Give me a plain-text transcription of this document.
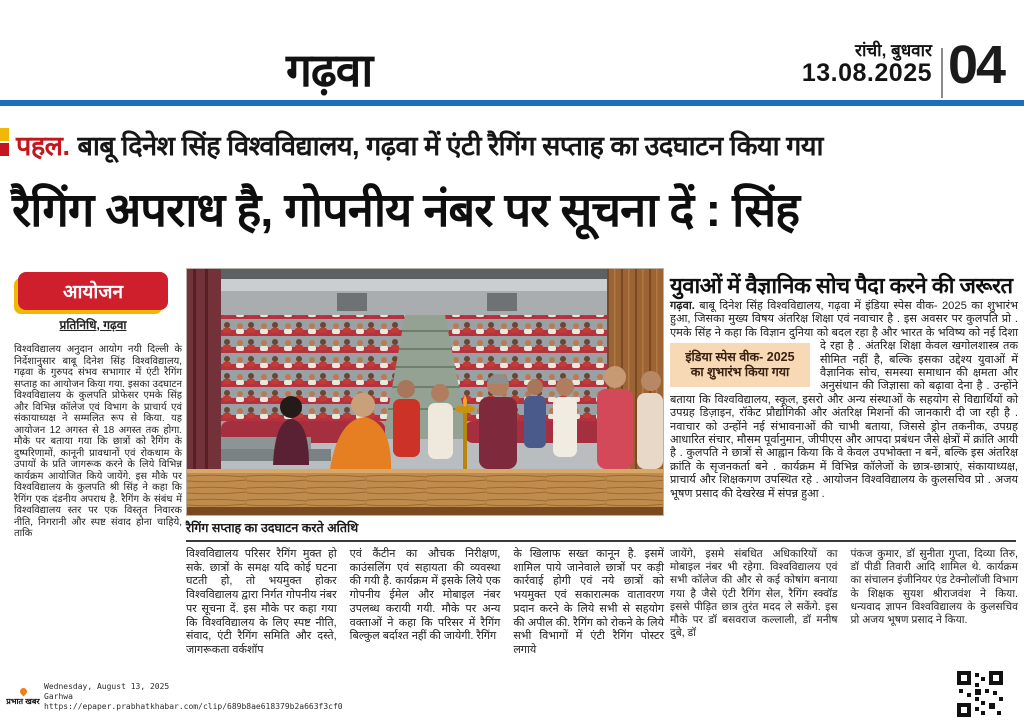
गढ़वा	रांची, बुधवार
13.08.2025 04
पहल. बाबू दिनेश सिंह विश्वविद्यालय, गढ़वा में एंटी रैगिंग सप्ताह का उदघाटन किया गया
रैगिंग अपराध है, गोपनीय नंबर पर सूचना दें : सिंह
आयोजन
प्रतिनिधि, गढ़वा
विश्वविद्यालय अनुदान आयोग नयी दिल्ली के निर्देशानुसार बाबू दिनेश सिंह विश्वविद्यालय, गढ़वा के गुरुपद संभव सभागार में एंटी रैगिंग सप्ताह का आयोजन किया गया. इसका उदघाटन विश्वविद्यालय के कुलपति प्रोफेसर एमके सिंह और विभिन्न कॉलेज एवं विभाग के प्राचार्य एवं संकायाध्यक्ष ने सम्मलित रूप से किया. यह आयोजन 12 अगस्त से 18 अगस्त तक होगा. मौके पर बताया गया कि छात्रों को रैगिंग के दुष्परिणामों, कानूनी प्रावधानों एवं रोकथाम के उपायों के प्रति जागरूक करने के लिये विभिन्न कार्यक्रम आयोजित किये जायेंगे. इस मौके पर विश्वविद्यालय के कुलपति श्री सिंह ने कहा कि रैगिंग एक दंडनीय अपराध है. रैगिंग के संबंध में विश्वविद्यालय स्तर पर एक विस्तृत निवारक नीति, निगरानी और स्पष्ट संवाद होना चाहिये, ताकि	रैगिंग सप्ताह का उदघाटन करते अतिथि
विश्वविद्यालय परिसर रैगिंग मुक्त हो सके. छात्रों के समक्ष यदि कोई घटना घटती हो, तो भयमुक्त होकर विश्वविद्यालय द्वारा निर्गत गोपनीय नंबर पर सूचना दें. इस मौके पर कहा गया कि विश्वविद्यालय के लिए स्पष्ट नीति, संवाद, एंटी रैगिंग समिति और दस्ते, जागरूकता वर्कशॉप
एवं कैंटीन का औचक निरीक्षण, काउंसलिंग एवं सहायता की व्यवस्था की गयी है. कार्यक्रम में इसके लिये एक गोपनीय ईमेल और मोबाइल नंबर उपलब्ध करायी गयी. मौके पर अन्य वक्ताओं ने कहा कि परिसर में रैगिंग बिल्कुल बर्दाश्त नहीं की जायेगी. रैगिंग
के खिलाफ सख्त कानून है. इसमें शामिल पाये जानेवाले छात्रों पर कड़ी कार्रवाई होगी एवं नये छात्रों को भयमुक्त एवं सकारात्मक वातावरण प्रदान करने के लिये सभी से सहयोग की अपील की. रैगिंग को रोकने के लिये सभी विभागों में एंटी रैगिंग पोस्टर लगाये
युवाओं में वैज्ञानिक सोच पैदा करने की जरूरत
गढ़वा. बाबू दिनेश सिंह विश्वविद्यालय, गढ़वा में इंडिया स्पेस वीक- 2025 का शुभारंभ हुआ, जिसका मुख्य विषय अंतरिक्ष शिक्षा एवं नवाचार है . इस अवसर पर कुलपति प्रो . एमके सिंह ने कहा कि विज्ञान दुनिया को बदल रहा है और भारत के भविष्य को
इंडिया स्पेस वीक- 2025
का शुभारंभ किया गया
नई दिशा दे रहा है . अंतरिक्ष शिक्षा केवल खगोलशास्त्र तक सीमित नहीं है, बल्कि इसका उद्देश्य युवाओं में वैज्ञानिक सोच, समस्या समाधान की क्षमता और अनुसंधान की जिज्ञासा को बढ़ावा देना है . उन्होंने बताया कि विश्वविद्यालय, स्कूल, इसरो और अन्य संस्थाओं के सहयोग से विद्यार्थियों को उपग्रह डिज़ाइन, रॉकेट प्रौद्योगिकी और अंतरिक्ष मिशनों की जानकारी दी जा रही है . नवाचार को उन्होंने नई संभावनाओं की चाभी बताया, जिससे ड्रोन तकनीक, उपग्रह आधारित संचार, मौसम पूर्वानुमान, जीपीएस और आपदा प्रबंधन जैसे क्षेत्रों में क्रांति आयी है . कुलपति ने छात्रों से आह्वान किया कि वे केवल उपभोक्ता न बनें, बल्कि इस अंतरिक्ष क्रांति के सृजनकर्ता बने . कार्यक्रम में विभिन्न कॉलेजों के छात्र-छात्राएं, संकायाध्यक्ष, प्राचार्य और शिक्षकगण उपस्थित रहे . आयोजन विश्वविद्यालय के कुलसचिव प्रो . अजय भूषण प्रसाद की देखरेख में संपन्न हुआ .
जायेंगे, इसमे संबधित अधिकारियों का मोबाइल नंबर भी रहेगा. विश्वविद्यालय एवं सभी कॉलेज की और से कई कोषांग बनाया गया है जैसे एंटी रैगिंग सेल, रैगिंग स्क्वॉड इससे पीड़ित छात्र तुरंत मदद ले सकेंगे. इस मौके पर डॉ बसवराज कल्लाली, डॉ मनीष दुबे, डॉ
पंकज कुमार, डॉ सुनीता गुप्ता, दिव्या तिरु, डॉ पीडी तिवारी आदि शामिल थे. कार्यक्रम का संचालन इंजीनियर एंड टेक्नोलॉजी विभाग के शिक्षक सुयश श्रीराजवंश ने किया. धन्यवाद ज्ञापन विश्वविद्यालय के कुलसचिव प्रो अजय भूषण प्रसाद ने किया.
प्रभात खबर
Wednesday, August 13, 2025
Garhwa
https://epaper.prabhatkhabar.com/clip/689b8ae618379b2a663f3cf0
